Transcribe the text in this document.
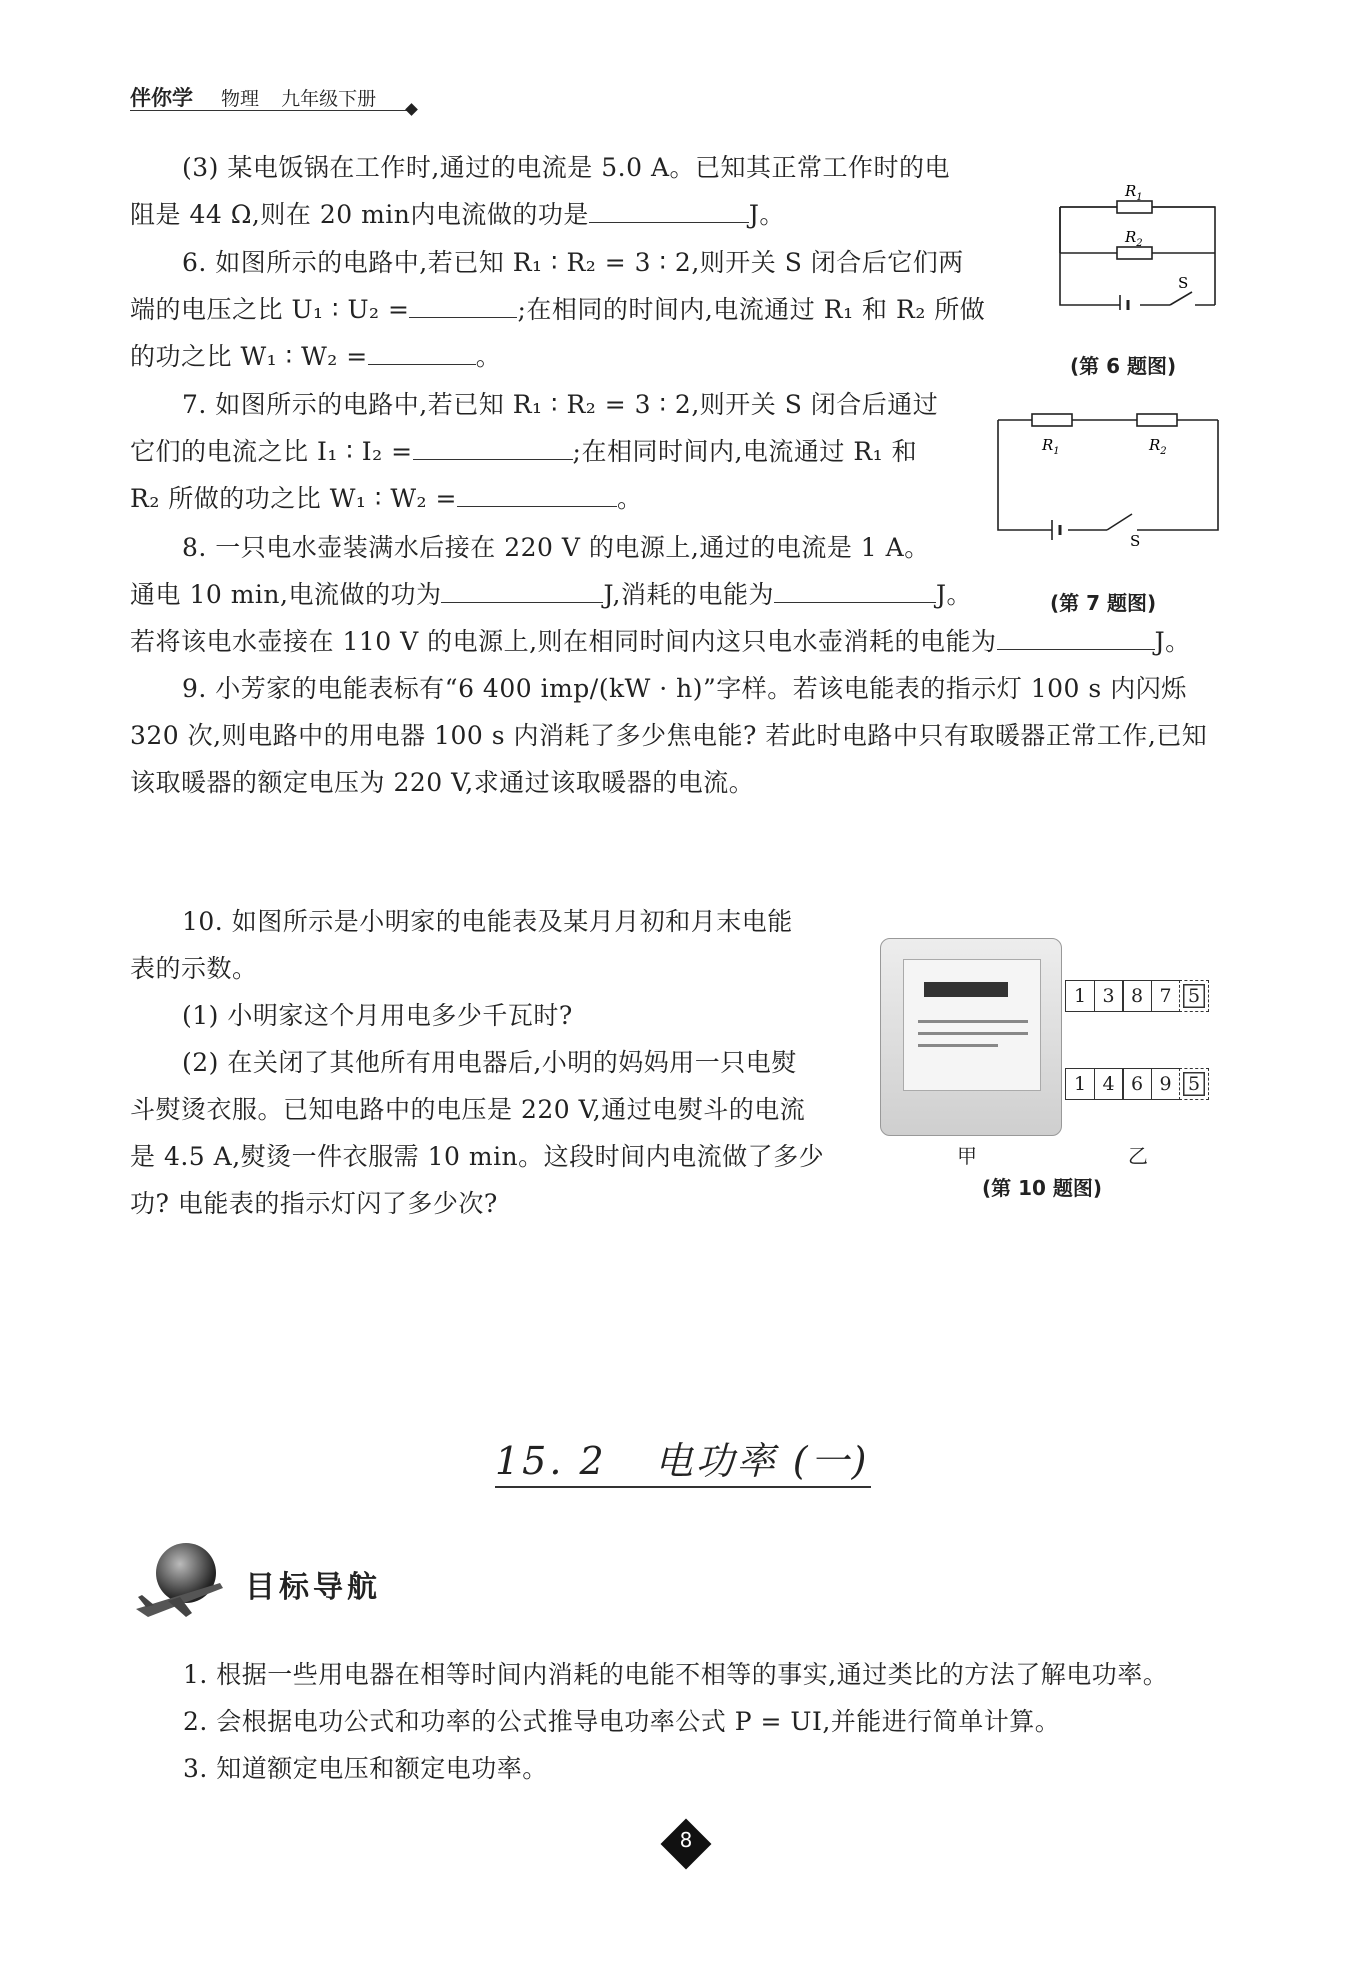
伴你学 物理 九年级下册
(3) 某电饭锅在工作时,通过的电流是 5.0 A。已知其正常工作时的电
阻是 44 Ω,则在 20 min内电流做的功是	J。
6. 如图所示的电路中,若已知 R₁ ∶ R₂ = 3 ∶ 2,则开关 S 闭合后它们两
端的电压之比 U₁ ∶ U₂ =	;在相同的时间内,电流通过 R₁ 和 R₂ 所做
的功之比 W₁ ∶ W₂ =	。
$R_1$
$R_2$
S
(第 6 题图)
7. 如图所示的电路中,若已知 R₁ ∶ R₂ = 3 ∶ 2,则开关 S 闭合后通过
它们的电流之比 I₁ ∶ I₂ =	;在相同时间内,电流通过 R₁ 和
R₂ 所做的功之比 W₁ ∶ W₂ =	。
$R_1$	$R_2$
S
(第 7 题图)
8. 一只电水壶装满水后接在 220 V 的电源上,通过的电流是 1 A。
通电 10 min,电流做的功为	J,消耗的电能为	J。
若将该电水壶接在 110 V 的电源上,则在相同时间内这只电水壶消耗的电能为	J。
9. 小芳家的电能表标有“6 400 imp/(kW · h)”字样。若该电能表的指示灯 100 s 内闪烁
320 次,则电路中的用电器 100 s 内消耗了多少焦电能? 若此时电路中只有取暖器正常工作,已知
该取暖器的额定电压为 220 V,求通过该取暖器的电流。
10. 如图所示是小明家的电能表及某月月初和月末电能
表的示数。
(1) 小明家这个月用电多少千瓦时?
(2) 在关闭了其他所有用电器后,小明的妈妈用一只电熨
斗熨烫衣服。已知电路中的电压是 220 V,通过电熨斗的电流
是 4.5 A,熨烫一件衣服需 10 min。这段时间内电流做了多少
功? 电能表的指示灯闪了多少次?
甲	乙
1 3 8 7 5
1 4 6 9 5
(第 10 题图)
15. 2 电功率 (一)
目标导航
1. 根据一些用电器在相等时间内消耗的电能不相等的事实,通过类比的方法了解电功率。
2. 会根据电功公式和功率的公式推导电功率公式 P = UI,并能进行简单计算。
3. 知道额定电压和额定电功率。
8
